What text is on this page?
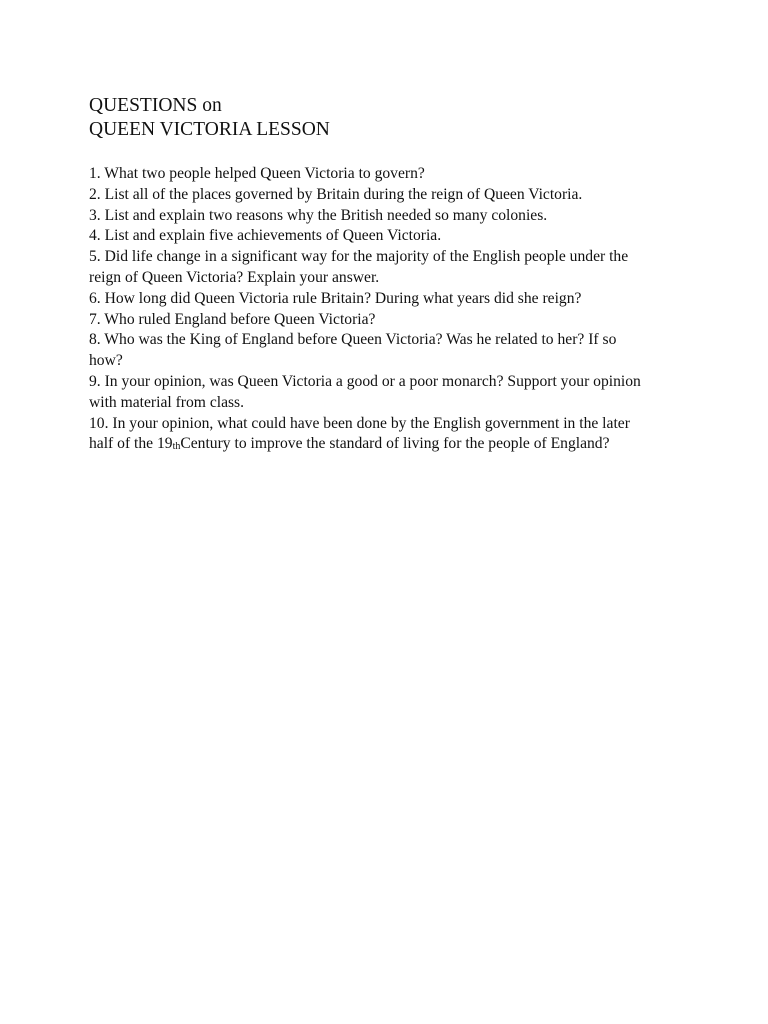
QUESTIONS on
QUEEN VICTORIA LESSON

1. What two people helped Queen Victoria to govern?

2. List all of the places governed by Britain during the reign of Queen Victoria.

3. List and explain two reasons why the British needed so many colonies.

4. List and explain five achievements of Queen Victoria.

5. Did life change in a significant way for the majority of the English people under the reign of Queen Victoria? Explain your answer.

6. How long did Queen Victoria rule Britain? During what years did she reign?

7. Who ruled England before Queen Victoria?

8. Who was the King of England before Queen Victoria? Was he related to her? If so how?

9. In your opinion, was Queen Victoria a good or a poor monarch? Support your opinion with material from class.

10. In your opinion, what could have been done by the English government in the later half of the 19thCentury to improve the standard of living for the people of England?
